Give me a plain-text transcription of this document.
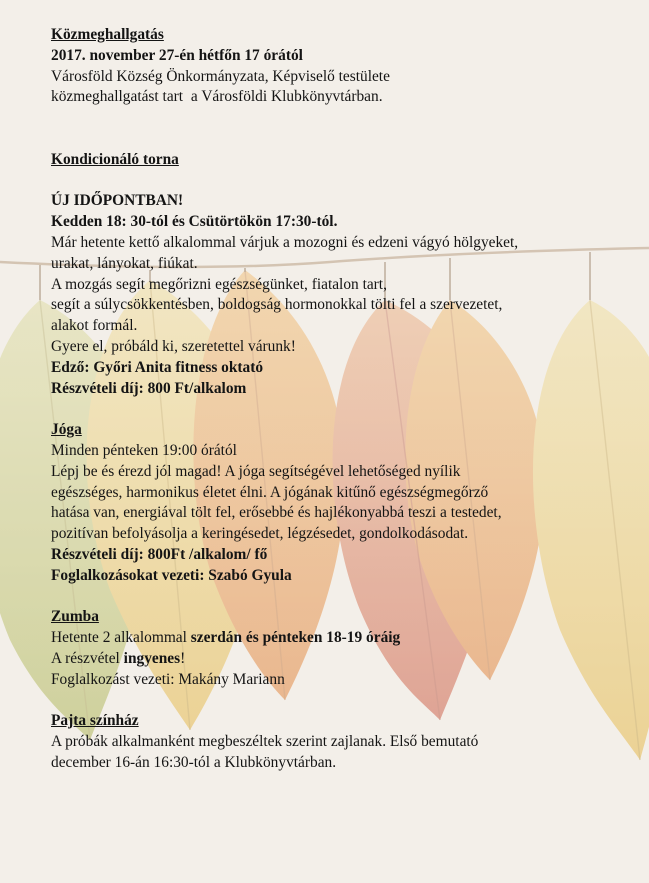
Közmeghallgatás
2017. november 27-én hétfőn 17 órától
Városföld Község Önkormányzata, Képviselő testülete
közmeghallgatást tart a Városföldi Klubkönyvtárban.
Kondicionáló torna
ÚJ IDŐPONTBAN!
Kedden 18: 30-tól és Csütörtökön 17:30-tól.
Már hetente kettő alkalommal várjuk a mozogni és edzeni vágyó hölgyeket,
urakat, lányokat, fiúkat.
A mozgás segít megőrizni egészségünket, fiatalon tart,
segít a súlycsökkentésben, boldogság hormonokkal tölti fel a szervezetet,
alakot formál.
Gyere el, próbáld ki, szeretettel várunk!
Edző: Győri Anita fitness oktató
Részvételi díj: 800 Ft/alkalom
Jóga
Minden pénteken 19:00 órától
Lépj be és érezd jól magad! A jóga segítségével lehetőséged nyílik
egészséges, harmonikus életet élni. A jógának kitűnő egészségmegőrző
hatása van, energiával tölt fel, erősebbé és hajlékonyabbá teszi a testedet,
pozitívan befolyásolja a keringésedet, légzésedet, gondolkodásodat.
Részvételi díj: 800Ft /alkalom/ fő
Foglalkozásokat vezeti: Szabó Gyula
Zumba
Hetente 2 alkalommal szerdán és pénteken 18-19 óráig
A részvétel ingyenes!
Foglalkozást vezeti: Makány Mariann
Pajta színház
A próbák alkalmanként megbeszéltek szerint zajlanak. Első bemutató
december 16-án 16:30-tól a Klubkönyvtárban.
